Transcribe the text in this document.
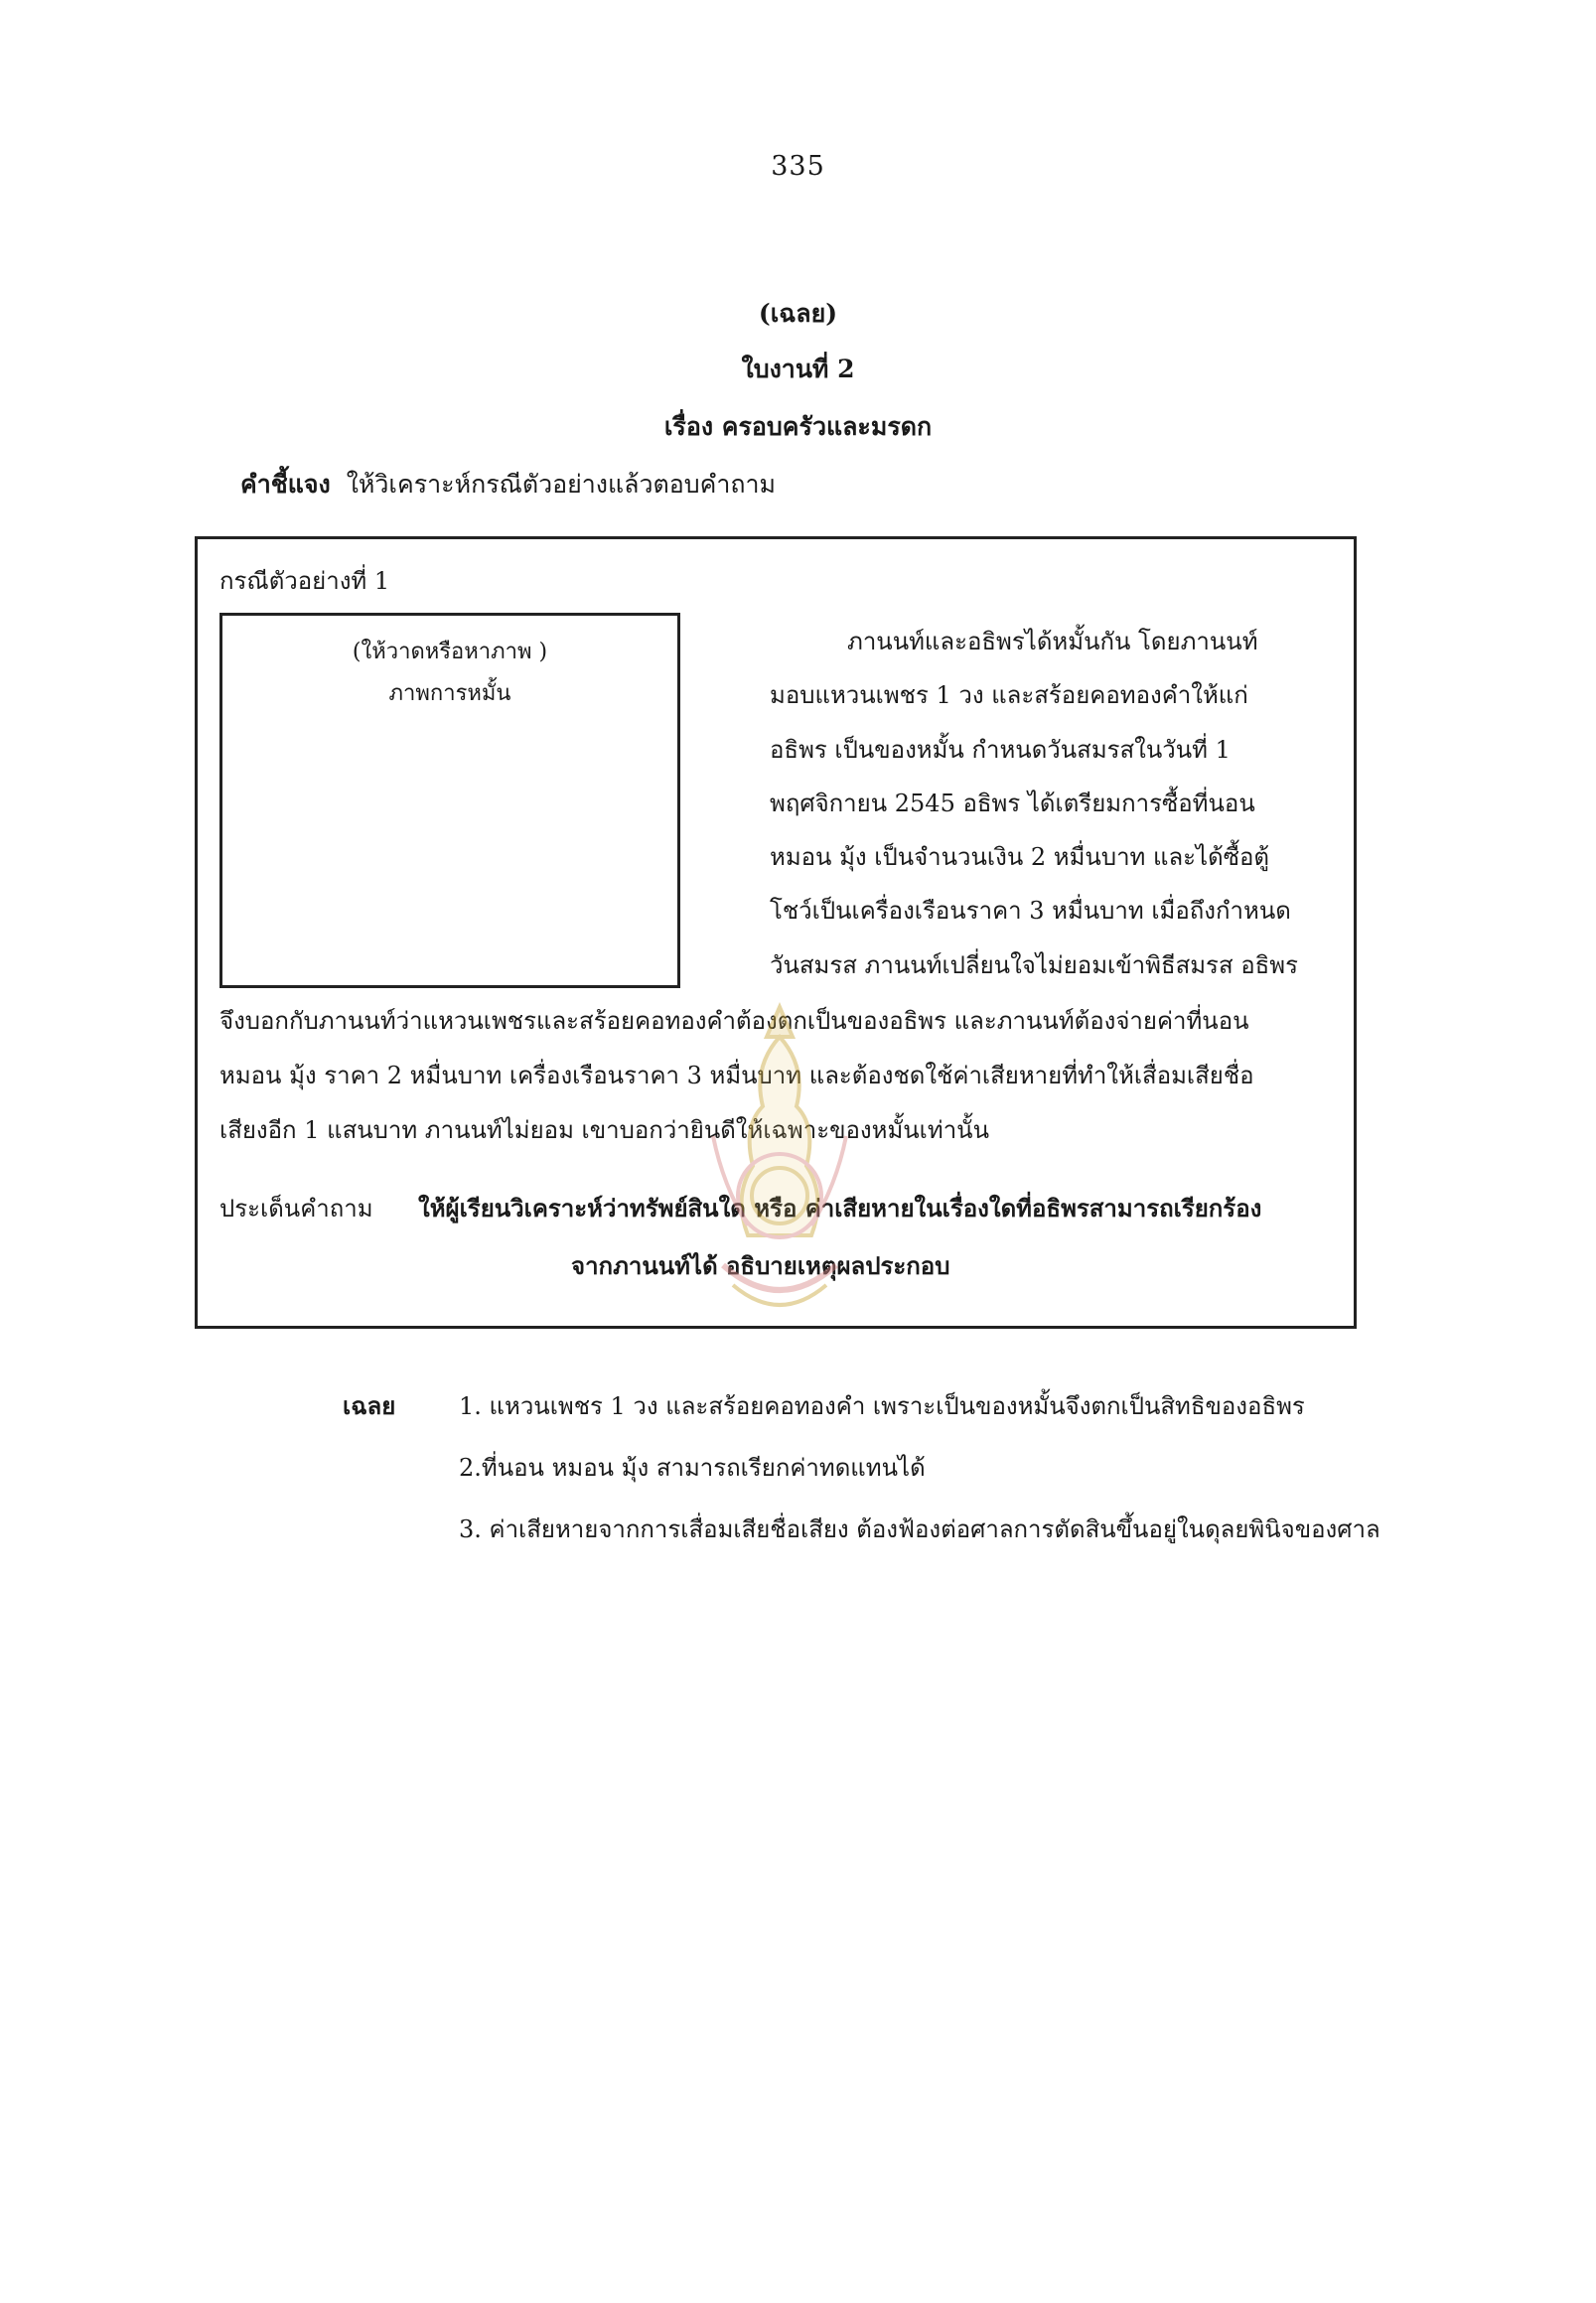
335
(เฉลย)
ใบงานที่ 2
เรื่อง ครอบครัวและมรดก
คำชี้แจง ให้วิเคราะห์กรณีตัวอย่างแล้วตอบคำถาม
กรณีตัวอย่างที่ 1
(ให้วาดหรือหาภาพ )
ภาพการหมั้น
ภานนท์และอธิพรได้หมั้นกัน โดยภานนท์
มอบแหวนเพชร 1 วง และสร้อยคอทองคำให้แก่
อธิพร เป็นของหมั้น กำหนดวันสมรสในวันที่ 1
พฤศจิกายน 2545 อธิพร ได้เตรียมการซื้อที่นอน
หมอน มุ้ง เป็นจำนวนเงิน 2 หมื่นบาท และได้ซื้อตู้
โชว์เป็นเครื่องเรือนราคา 3 หมื่นบาท เมื่อถึงกำหนด
วันสมรส ภานนท์เปลี่ยนใจไม่ยอมเข้าพิธีสมรส อธิพร
จึงบอกกับภานนท์ว่าแหวนเพชรและสร้อยคอทองคำต้องตกเป็นของอธิพร และภานนท์ต้องจ่ายค่าที่นอน
หมอน มุ้ง ราคา 2 หมื่นบาท เครื่องเรือนราคา 3 หมื่นบาท และต้องชดใช้ค่าเสียหายที่ทำให้เสื่อมเสียชื่อ
เสียงอีก 1 แสนบาท ภานนท์ไม่ยอม เขาบอกว่ายินดีให้เฉพาะของหมั้นเท่านั้น
ประเด็นคำถาม ให้ผู้เรียนวิเคราะห์ว่าทรัพย์สินใด หรือ ค่าเสียหายในเรื่องใดที่อธิพรสามารถเรียกร้อง
จากภานนท์ได้ อธิบายเหตุผลประกอบ
เฉลย	1. แหวนเพชร 1 วง และสร้อยคอทองคำ เพราะเป็นของหมั้นจึงตกเป็นสิทธิของอธิพร
2.ที่นอน หมอน มุ้ง สามารถเรียกค่าทดแทนได้
3. ค่าเสียหายจากการเสื่อมเสียชื่อเสียง ต้องฟ้องต่อศาลการตัดสินขึ้นอยู่ในดุลยพินิจของศาล
